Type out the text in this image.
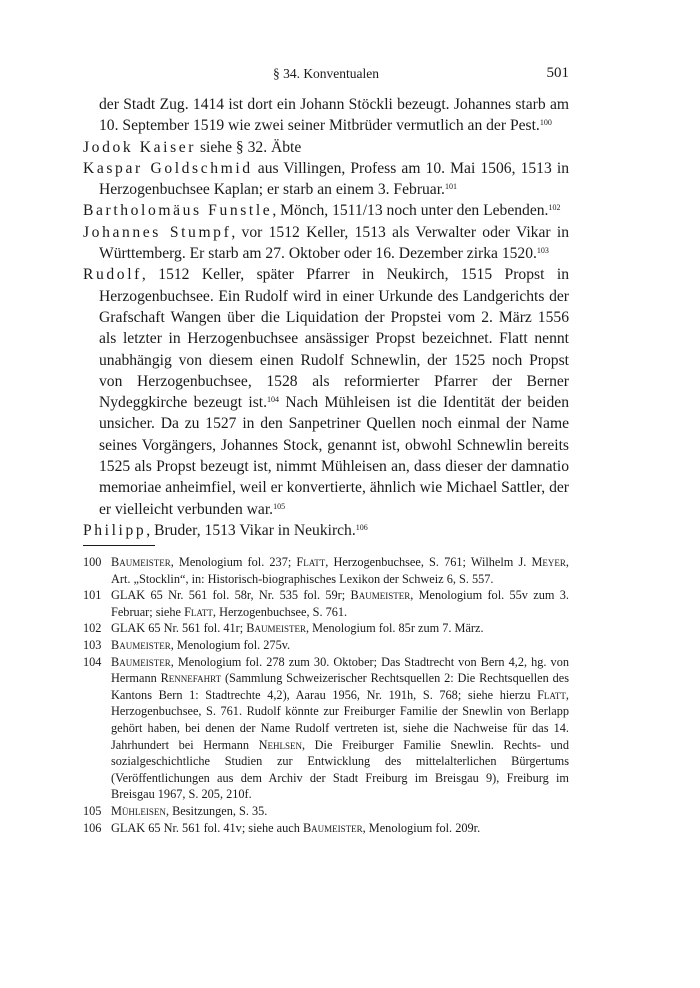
§ 34. Konventualen	501

der Stadt Zug. 1414 ist dort ein Johann Stöckli bezeugt. Johannes starb am 10. September 1519 wie zwei seiner Mitbrüder vermutlich an der Pest.$^{100}$

Jodok Kaiser siehe § 32. Äbte

Kaspar Goldschmid aus Villingen, Profess am 10. Mai 1506, 1513 in Herzogenbuchsee Kaplan; er starb an einem 3. Februar.$^{101}$

Bartholomäus Funstle, Mönch, 1511/13 noch unter den Lebenden.$^{102}$

Johannes Stumpf, vor 1512 Keller, 1513 als Verwalter oder Vikar in Württemberg. Er starb am 27. Oktober oder 16. Dezember zirka 1520.$^{103}$

Rudolf, 1512 Keller, später Pfarrer in Neukirch, 1515 Propst in Herzogenbuchsee. Ein Rudolf wird in einer Urkunde des Landgerichts der Grafschaft Wangen über die Liquidation der Propstei vom 2. März 1556 als letzter in Herzogenbuchsee ansässiger Propst bezeichnet. Flatt nennt unabhängig von diesem einen Rudolf Schnewlin, der 1525 noch Propst von Herzogenbuchsee, 1528 als reformierter Pfarrer der Berner Nydeggkirche bezeugt ist.$^{104}$ Nach Mühleisen ist die Identität der beiden unsicher. Da zu 1527 in den Sanpetriner Quellen noch einmal der Name seines Vorgängers, Johannes Stock, genannt ist, obwohl Schnewlin bereits 1525 als Propst bezeugt ist, nimmt Mühleisen an, dass dieser der damnatio memoriae anheimfiel, weil er konvertierte, ähnlich wie Michael Sattler, der er vielleicht verbunden war.$^{105}$

Philipp, Bruder, 1513 Vikar in Neukirch.$^{106}$

100 Baumeister, Menologium fol. 237; Flatt, Herzogenbuchsee, S. 761; Wilhelm J. Meyer, Art. „Stocklin“, in: Historisch-biographisches Lexikon der Schweiz 6, S. 557.
101 GLAK 65 Nr. 561 fol. 58r, Nr. 535 fol. 59r; Baumeister, Menologium fol. 55v zum 3. Februar; siehe Flatt, Herzogenbuchsee, S. 761.
102 GLAK 65 Nr. 561 fol. 41r; Baumeister, Menologium fol. 85r zum 7. März.
103 Baumeister, Menologium fol. 275v.
104 Baumeister, Menologium fol. 278 zum 30. Oktober; Das Stadtrecht von Bern 4,2, hg. von Hermann Rennefahrt (Sammlung Schweizerischer Rechtsquellen 2: Die Rechtsquellen des Kantons Bern 1: Stadtrechte 4,2), Aarau 1956, Nr. 191h, S. 768; siehe hierzu Flatt, Herzogenbuchsee, S. 761. Rudolf könnte zur Freiburger Familie der Snewlin von Berlapp gehört haben, bei denen der Name Rudolf vertreten ist, siehe die Nachweise für das 14. Jahrhundert bei Hermann Nehlsen, Die Freiburger Familie Snewlin. Rechts- und sozialgeschichtliche Studien zur Entwicklung des mittelalterlichen Bürgertums (Veröffentlichungen aus dem Archiv der Stadt Freiburg im Breisgau 9), Freiburg im Breisgau 1967, S. 205, 210f.
105 Mühleisen, Besitzungen, S. 35.
106 GLAK 65 Nr. 561 fol. 41v; siehe auch Baumeister, Menologium fol. 209r.
